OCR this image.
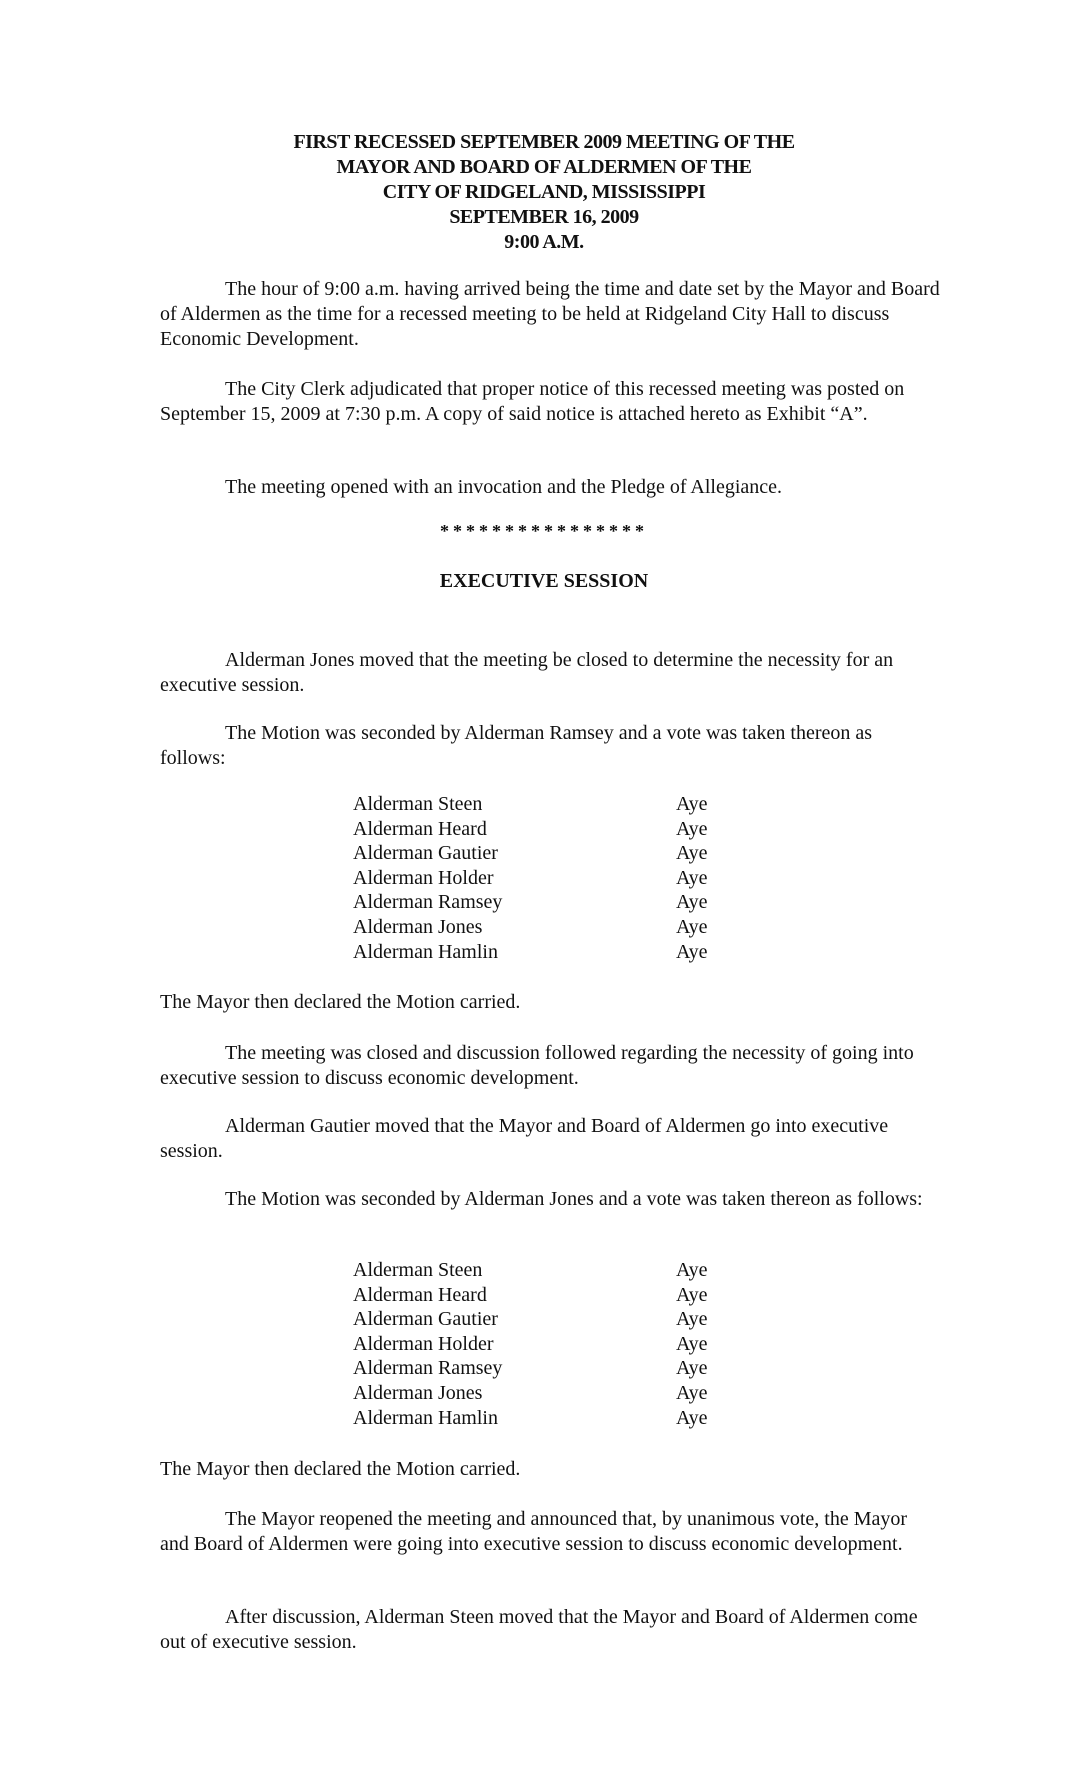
FIRST RECESSED SEPTEMBER 2009 MEETING OF THE
MAYOR AND BOARD OF ALDERMEN OF THE
CITY OF RIDGELAND, MISSISSIPPI
SEPTEMBER 16, 2009
9:00 A.M.

The hour of 9:00 a.m. having arrived being the time and date set by the Mayor and Board of Aldermen as the time for a recessed meeting to be held at Ridgeland City Hall to discuss Economic Development.

The City Clerk adjudicated that proper notice of this recessed meeting was posted on September 15, 2009 at 7:30 p.m. A copy of said notice is attached hereto as Exhibit “A”.

The meeting opened with an invocation and the Pledge of Allegiance.

****************
EXECUTIVE SESSION

Alderman Jones moved that the meeting be closed to determine the necessity for an executive session.

The Motion was seconded by Alderman Ramsey and a vote was taken thereon as follows:

Alderman Steen	Aye
Alderman Heard	Aye
Alderman Gautier	Aye
Alderman Holder	Aye
Alderman Ramsey	Aye
Alderman Jones	Aye
Alderman Hamlin	Aye

The Mayor then declared the Motion carried.

The meeting was closed and discussion followed regarding the necessity of going into executive session to discuss economic development.

Alderman Gautier moved that the Mayor and Board of Aldermen go into executive session.

The Motion was seconded by Alderman Jones and a vote was taken thereon as follows:

Alderman Steen	Aye
Alderman Heard	Aye
Alderman Gautier	Aye
Alderman Holder	Aye
Alderman Ramsey	Aye
Alderman Jones	Aye
Alderman Hamlin	Aye

The Mayor then declared the Motion carried.

The Mayor reopened the meeting and announced that, by unanimous vote, the Mayor and Board of Aldermen were going into executive session to discuss economic development.

After discussion, Alderman Steen moved that the Mayor and Board of Aldermen come out of executive session.
